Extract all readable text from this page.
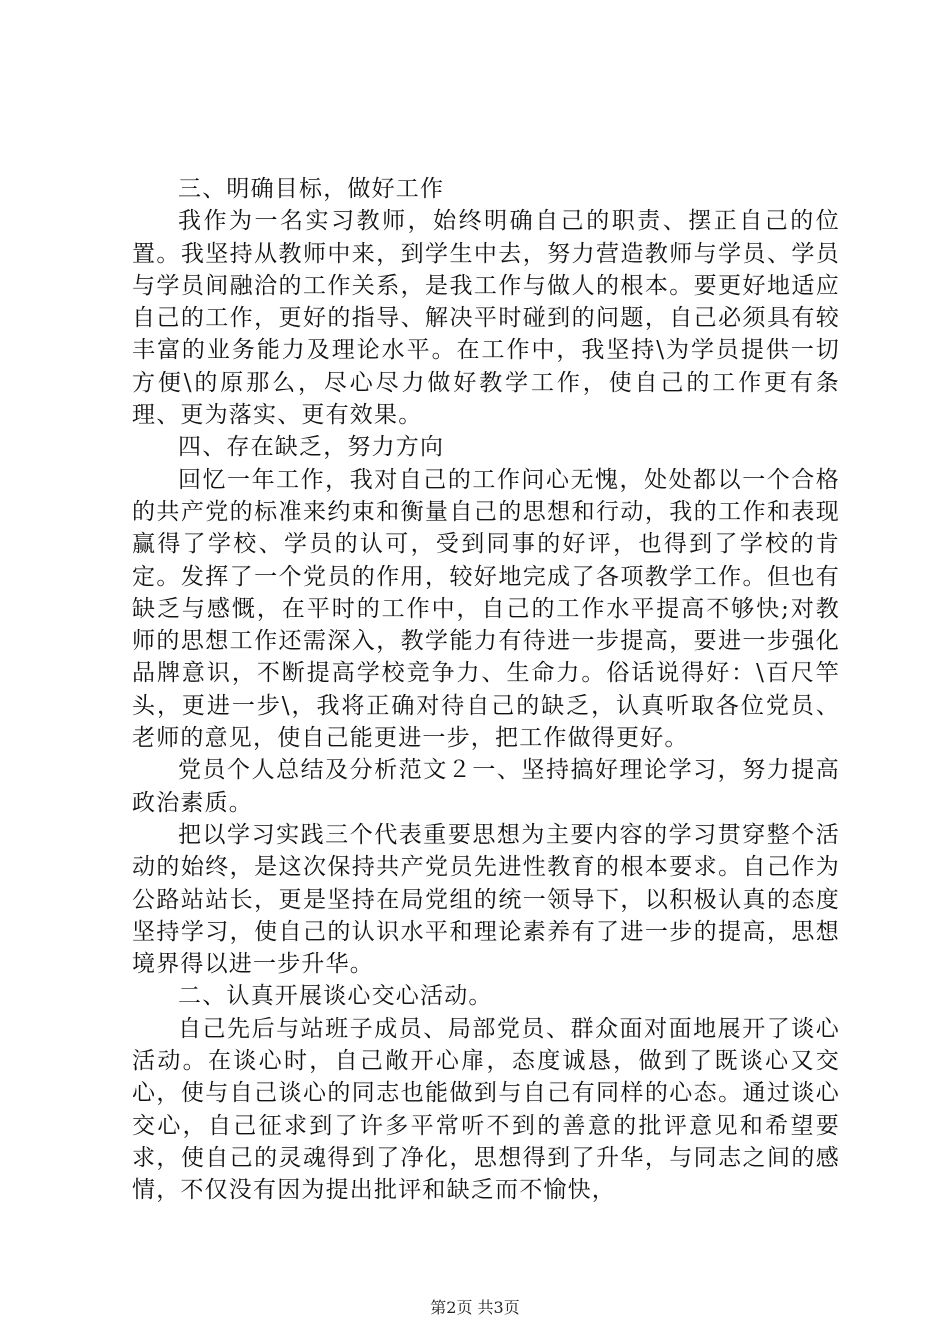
三、明确目标，做好工作

我作为一名实习教师，始终明确自己的职责、摆正自己的位置。我坚持从教师中来，到学生中去，努力营造教师与学员、学员与学员间融洽的工作关系，是我工作与做人的根本。要更好地适应自己的工作，更好的指导、解决平时碰到的问题，自己必须具有较丰富的业务能力及理论水平。在工作中，我坚持\为学员提供一切方便\的原那么，尽心尽力做好教学工作，使自己的工作更有条理、更为落实、更有效果。

四、存在缺乏，努力方向

回忆一年工作，我对自己的工作问心无愧，处处都以一个合格的共产党的标准来约束和衡量自己的思想和行动，我的工作和表现赢得了学校、学员的认可，受到同事的好评，也得到了学校的肯定。发挥了一个党员的作用，较好地完成了各项教学工作。但也有缺乏与感慨，在平时的工作中，自己的工作水平提高不够快;对教师的思想工作还需深入，教学能力有待进一步提高，要进一步强化品牌意识，不断提高学校竞争力、生命力。俗话说得好：\百尺竿头，更进一步\，我将正确对待自己的缺乏，认真听取各位党员、老师的意见，使自己能更进一步，把工作做得更好。

党员个人总结及分析范文２一、坚持搞好理论学习，努力提高政治素质。

把以学习实践三个代表重要思想为主要内容的学习贯穿整个活动的始终，是这次保持共产党员先进性教育的根本要求。自己作为公路站站长，更是坚持在局党组的统一领导下，以积极认真的态度坚持学习，使自己的认识水平和理论素养有了进一步的提高，思想境界得以进一步升华。

二、认真开展谈心交心活动。

自己先后与站班子成员、局部党员、群众面对面地展开了谈心活动。在谈心时，自己敞开心扉，态度诚恳，做到了既谈心又交心，使与自己谈心的同志也能做到与自己有同样的心态。通过谈心交心，自己征求到了许多平常听不到的善意的批评意见和希望要求，使自己的灵魂得到了净化，思想得到了升华，与同志之间的感情，不仅没有因为提出批评和缺乏而不愉快，

第2页 共3页
